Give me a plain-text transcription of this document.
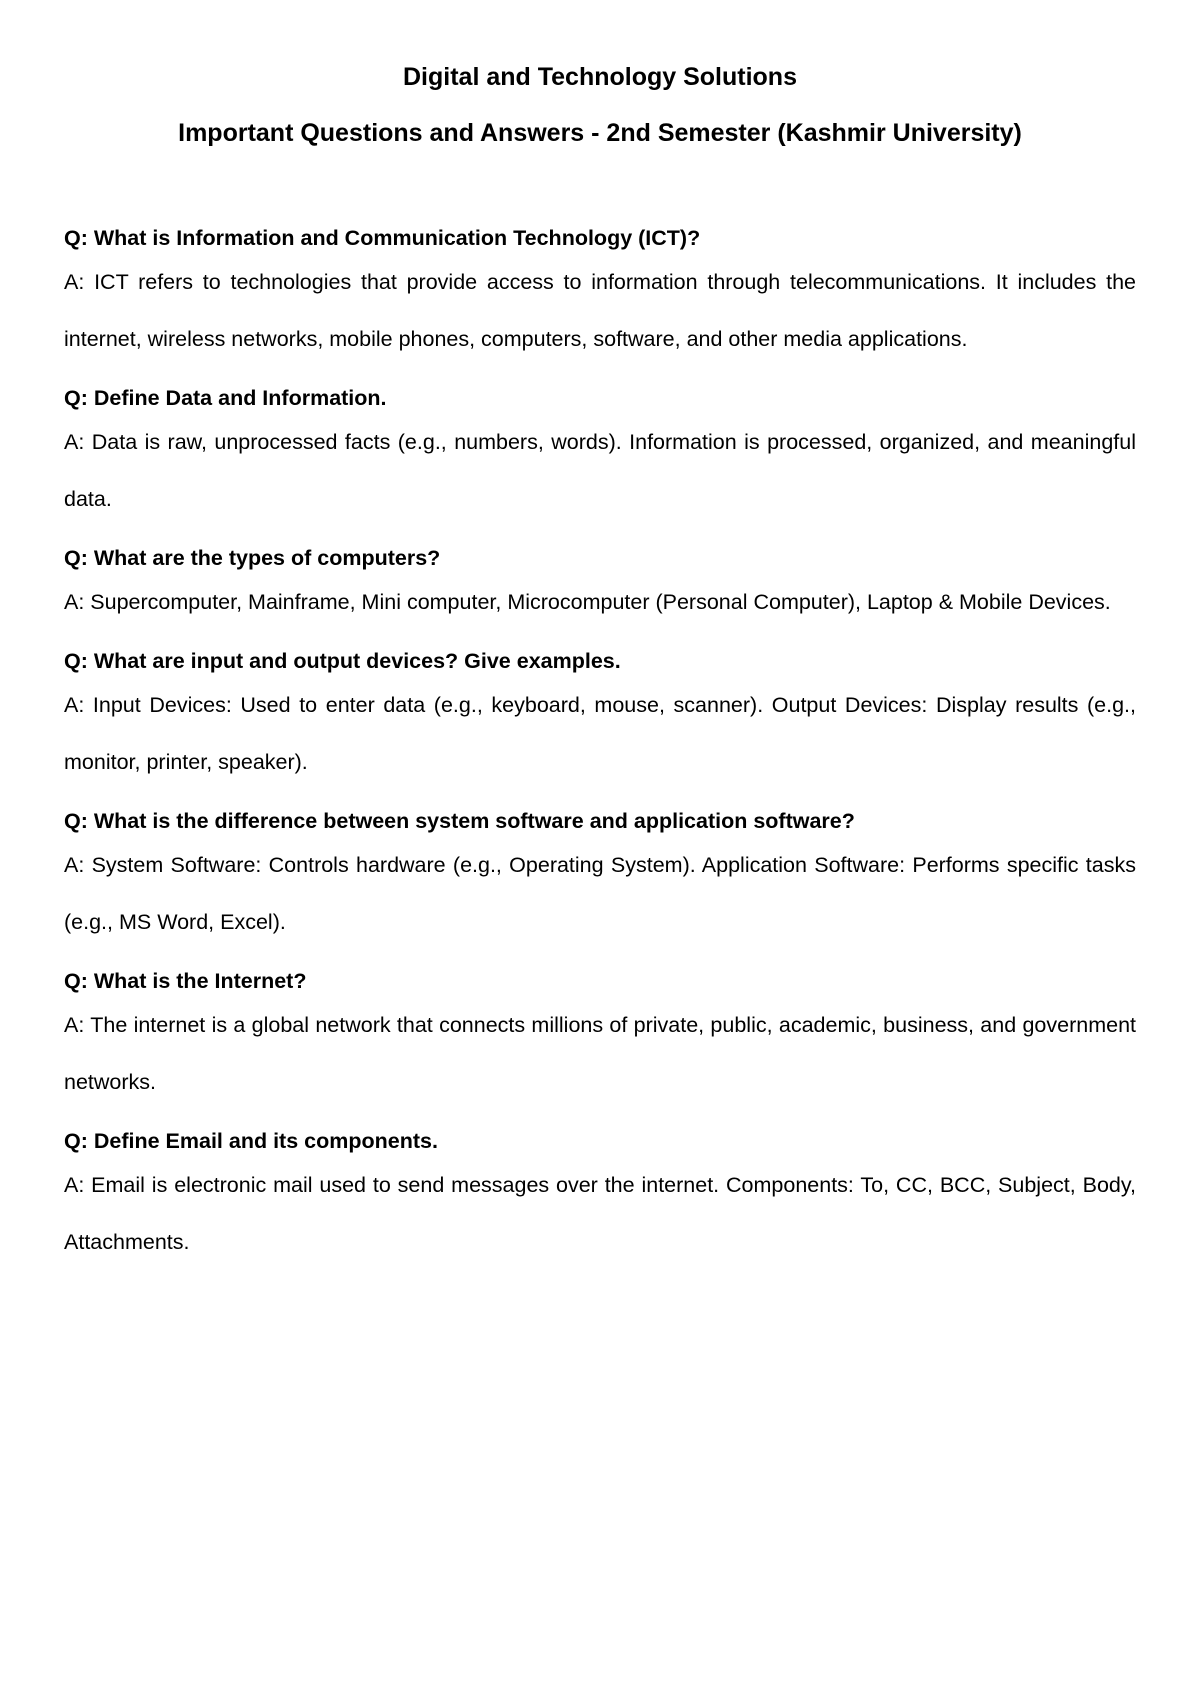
Digital and Technology Solutions
Important Questions and Answers - 2nd Semester (Kashmir University)

Q: What is Information and Communication Technology (ICT)?

A: ICT refers to technologies that provide access to information through telecommunications. It includes the internet, wireless networks, mobile phones, computers, software, and other media applications.

Q: Define Data and Information.

A: Data is raw, unprocessed facts (e.g., numbers, words). Information is processed, organized, and meaningful data.

Q: What are the types of computers?

A: Supercomputer, Mainframe, Mini computer, Microcomputer (Personal Computer), Laptop & Mobile Devices.

Q: What are input and output devices? Give examples.

A: Input Devices: Used to enter data (e.g., keyboard, mouse, scanner). Output Devices: Display results (e.g., monitor, printer, speaker).

Q: What is the difference between system software and application software?

A: System Software: Controls hardware (e.g., Operating System). Application Software: Performs specific tasks (e.g., MS Word, Excel).

Q: What is the Internet?

A: The internet is a global network that connects millions of private, public, academic, business, and government networks.

Q: Define Email and its components.

A: Email is electronic mail used to send messages over the internet. Components: To, CC, BCC, Subject, Body, Attachments.
